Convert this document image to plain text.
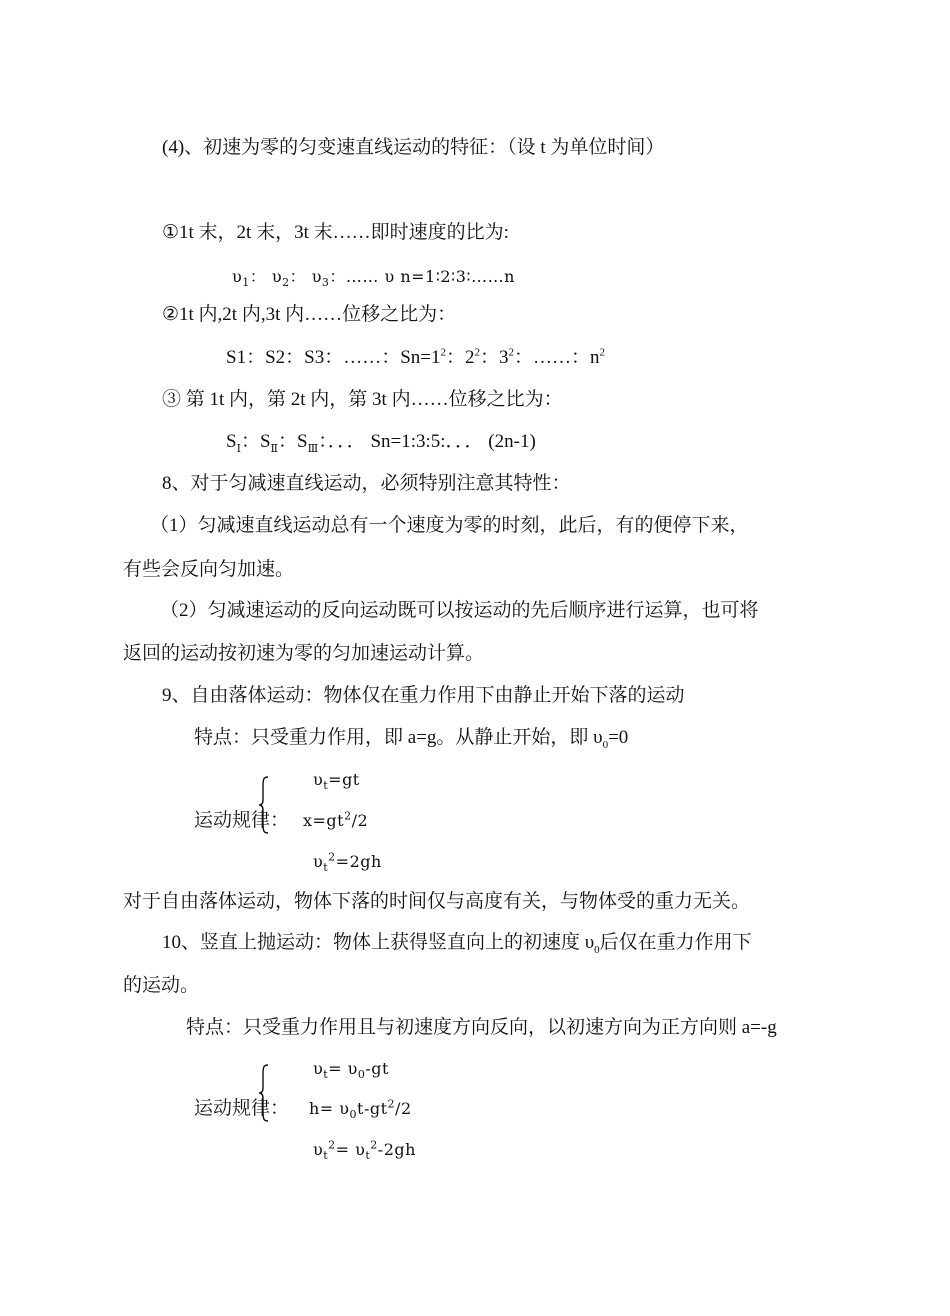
(4)、初速为零的匀变速直线运动的特征：（设 t 为单位时间）
①1t 末，2t 末，3t 末……即时速度的比为:
$\upsilon_1$： $\upsilon_2$： $\upsilon_3$：…… υ n=1∶2∶3∶……n
②1t 内,2t 内,3t 内……位移之比为：
S1：S2：S3：……：$Sn=1^2$：$2^2$：$3^2$：……：$n^2$
③ 第 1t 内，第 2t 内，第 3t 内……位移之比为：
$S_Ⅰ$：$S_Ⅱ$：$S_Ⅲ$：．．． Sn=1:3:5:．．． (2n-1)
8、对于匀减速直线运动，必须特别注意其特性：
（1）匀减速直线运动总有一个速度为零的时刻，此后，有的便停下来，
有些会反向匀加速。
（2）匀减速运动的反向运动既可以按运动的先后顺序进行运算，也可将
返回的运动按初速为零的匀加速运动计算。
9、自由落体运动：物体仅在重力作用下由静止开始下落的运动
特点：只受重力作用，即 a=g。从静止开始，即 $\upsilon_0=0$
$\upsilon_t=gt$
运动规律： $x=gt^2/2$
$\upsilon_t^2=2gh$
对于自由落体运动，物体下落的时间仅与高度有关，与物体受的重力无关。
10、竖直上抛运动：物体上获得竖直向上的初速度 $\upsilon_0$后仅在重力作用下
的运动。
特点：只受重力作用且与初速度方向反向，以初速方向为正方向则 a=-g
$\upsilon_t= \upsilon_0-gt$
运动规律： $h= \upsilon_0t-gt^2/2$
$\upsilon_t^2= \upsilon_t^2-2gh$
